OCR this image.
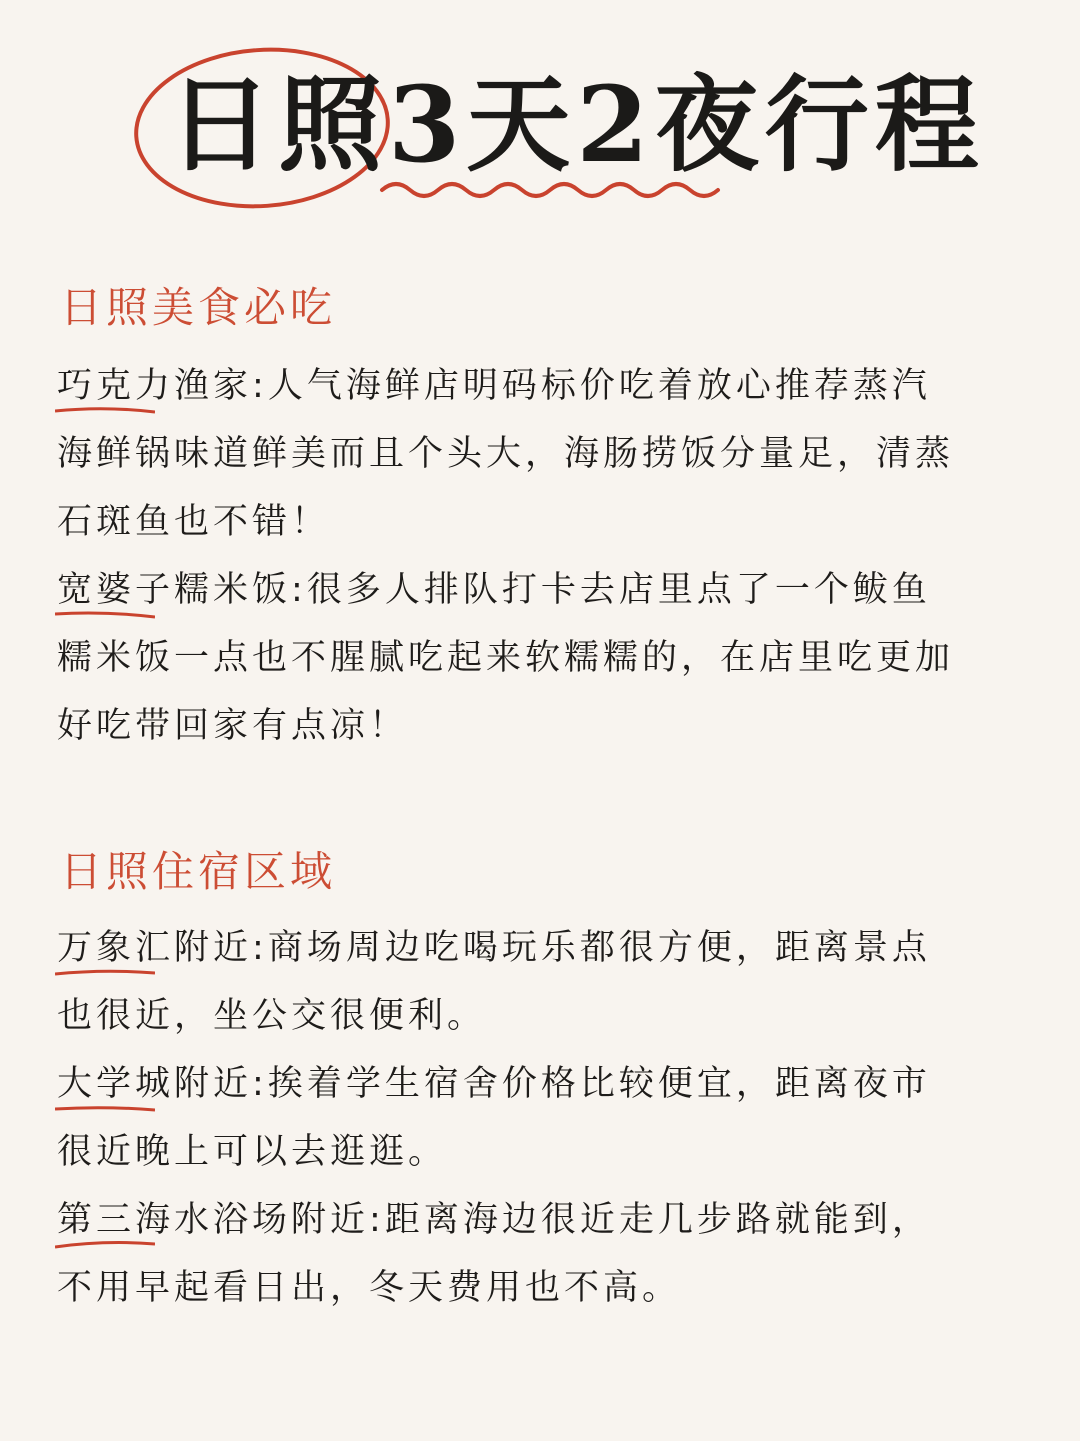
日照3天2夜行程
日照美食必吃
巧克力渔家:
人气海鲜店明码标价吃着放心推荐蒸汽
海鲜锅味道鲜美而且个头大，海肠捞饭分量足，清蒸
石斑鱼也不错！
宽婆子糯米饭:
很多人排队打卡去店里点了一个鲅鱼
糯米饭一点也不腥腻吃起来软糯糯的，在店里吃更加
好吃带回家有点凉！
日照住宿区域
万象汇附近:
商场周边吃喝玩乐都很方便，距离景点
也很近，坐公交很便利。
大学城附近:
挨着学生宿舍价格比较便宜，距离夜市
很近晚上可以去逛逛。
第三海水浴场附近:
距离海边很近走几步路就能到，
不用早起看日出，冬天费用也不高。
